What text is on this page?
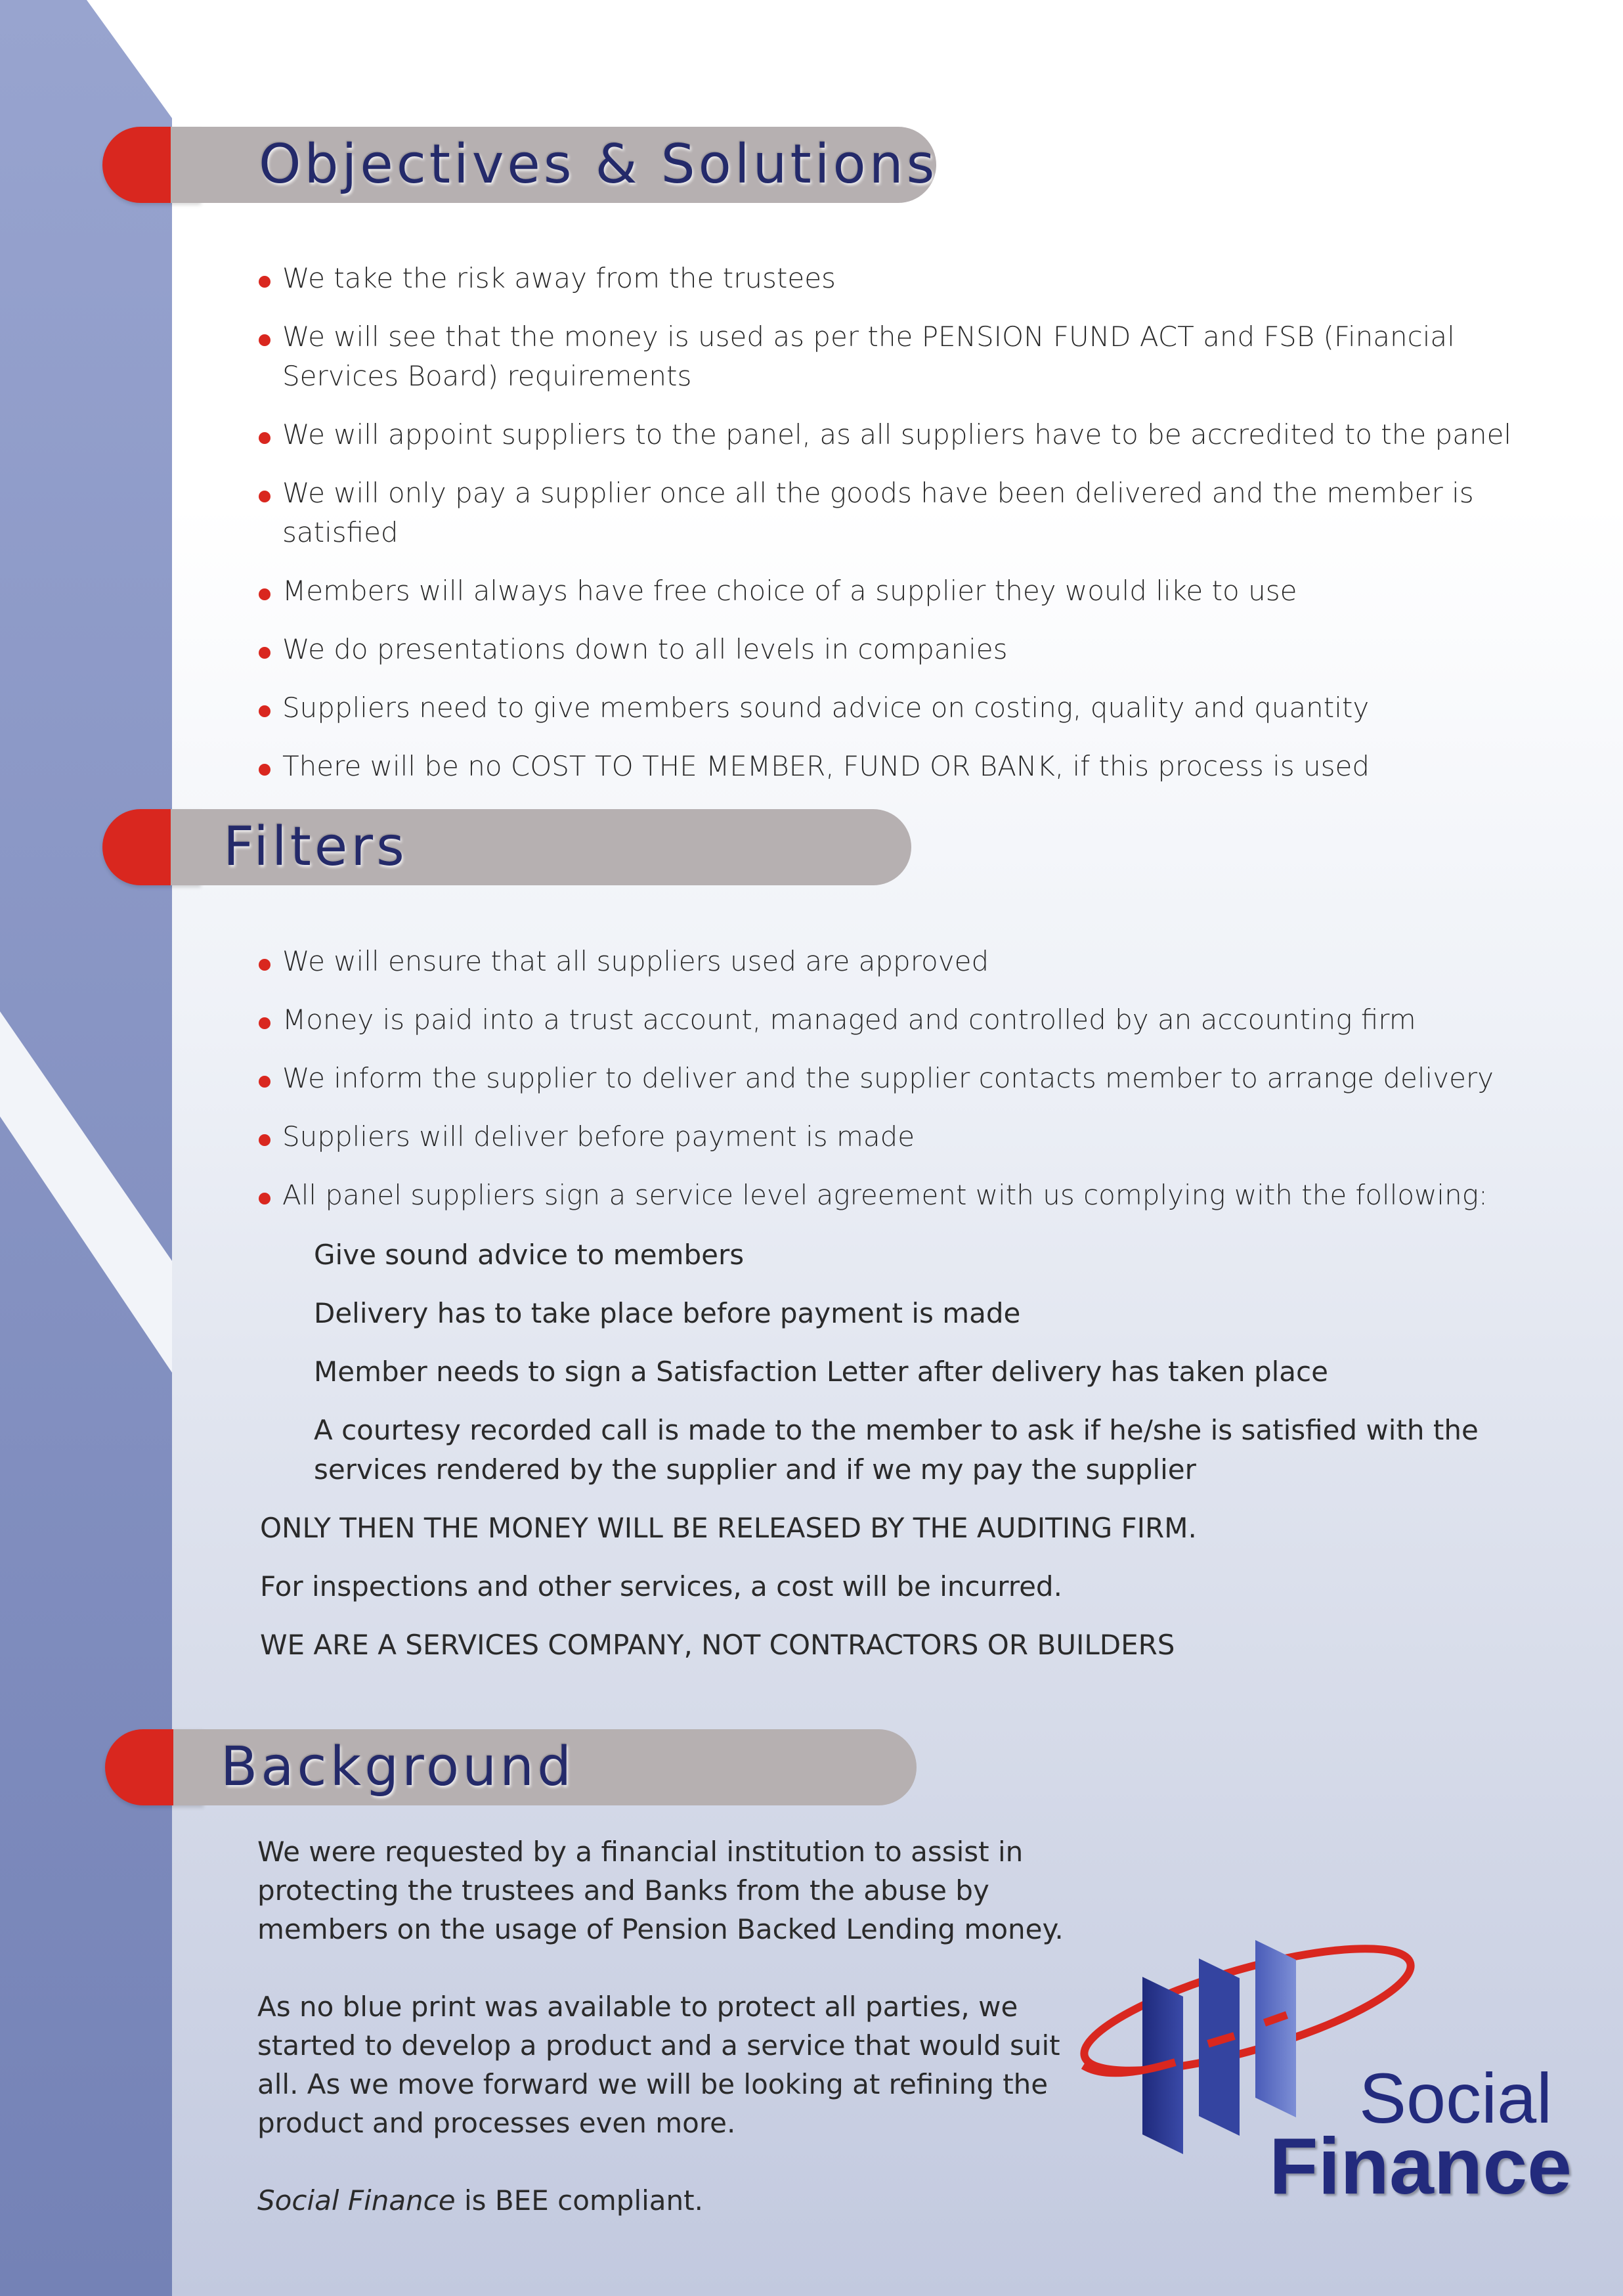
Objectives & Solutions
We take the risk away from the trustees
We will see that the money is used as per the PENSION FUND ACT and FSB (Financial Services Board) requirements
We will appoint suppliers to the panel, as all suppliers have to be accredited to the panel
We will only pay a supplier once all the goods have been delivered and the member is satisfied
Members will always have free choice of a supplier they would like to use
We do presentations down to all levels in companies
Suppliers need to give members sound advice on costing, quality and quantity
There will be no COST TO THE MEMBER, FUND OR BANK, if this process is used
Filters
We will ensure that all suppliers used are approved
Money is paid into a trust account, managed and controlled by an accounting firm
We inform the supplier to deliver and the supplier contacts member to arrange delivery
Suppliers will deliver before payment is made
All panel suppliers sign a service level agreement with us complying with the following:
Give sound advice to members
Delivery has to take place before payment is made
Member needs to sign a Satisfaction Letter after delivery has taken place
A courtesy recorded call is made to the member to ask if he/she is satisfied with the services rendered by the supplier and if we my pay the supplier
ONLY THEN THE MONEY WILL BE RELEASED BY THE AUDITING FIRM.
For inspections and other services, a cost will be incurred.
WE ARE A SERVICES COMPANY, NOT CONTRACTORS OR BUILDERS
Background

We were requested by a financial institution to assist in protecting the trustees and Banks from the abuse by members on the usage of Pension Backed Lending money.

As no blue print was available to protect all parties, we started to develop a product and a service that would suit all. As we move forward we will be looking at refining the product and processes even more.

Social Finance is BEE compliant.

Social
Finance
